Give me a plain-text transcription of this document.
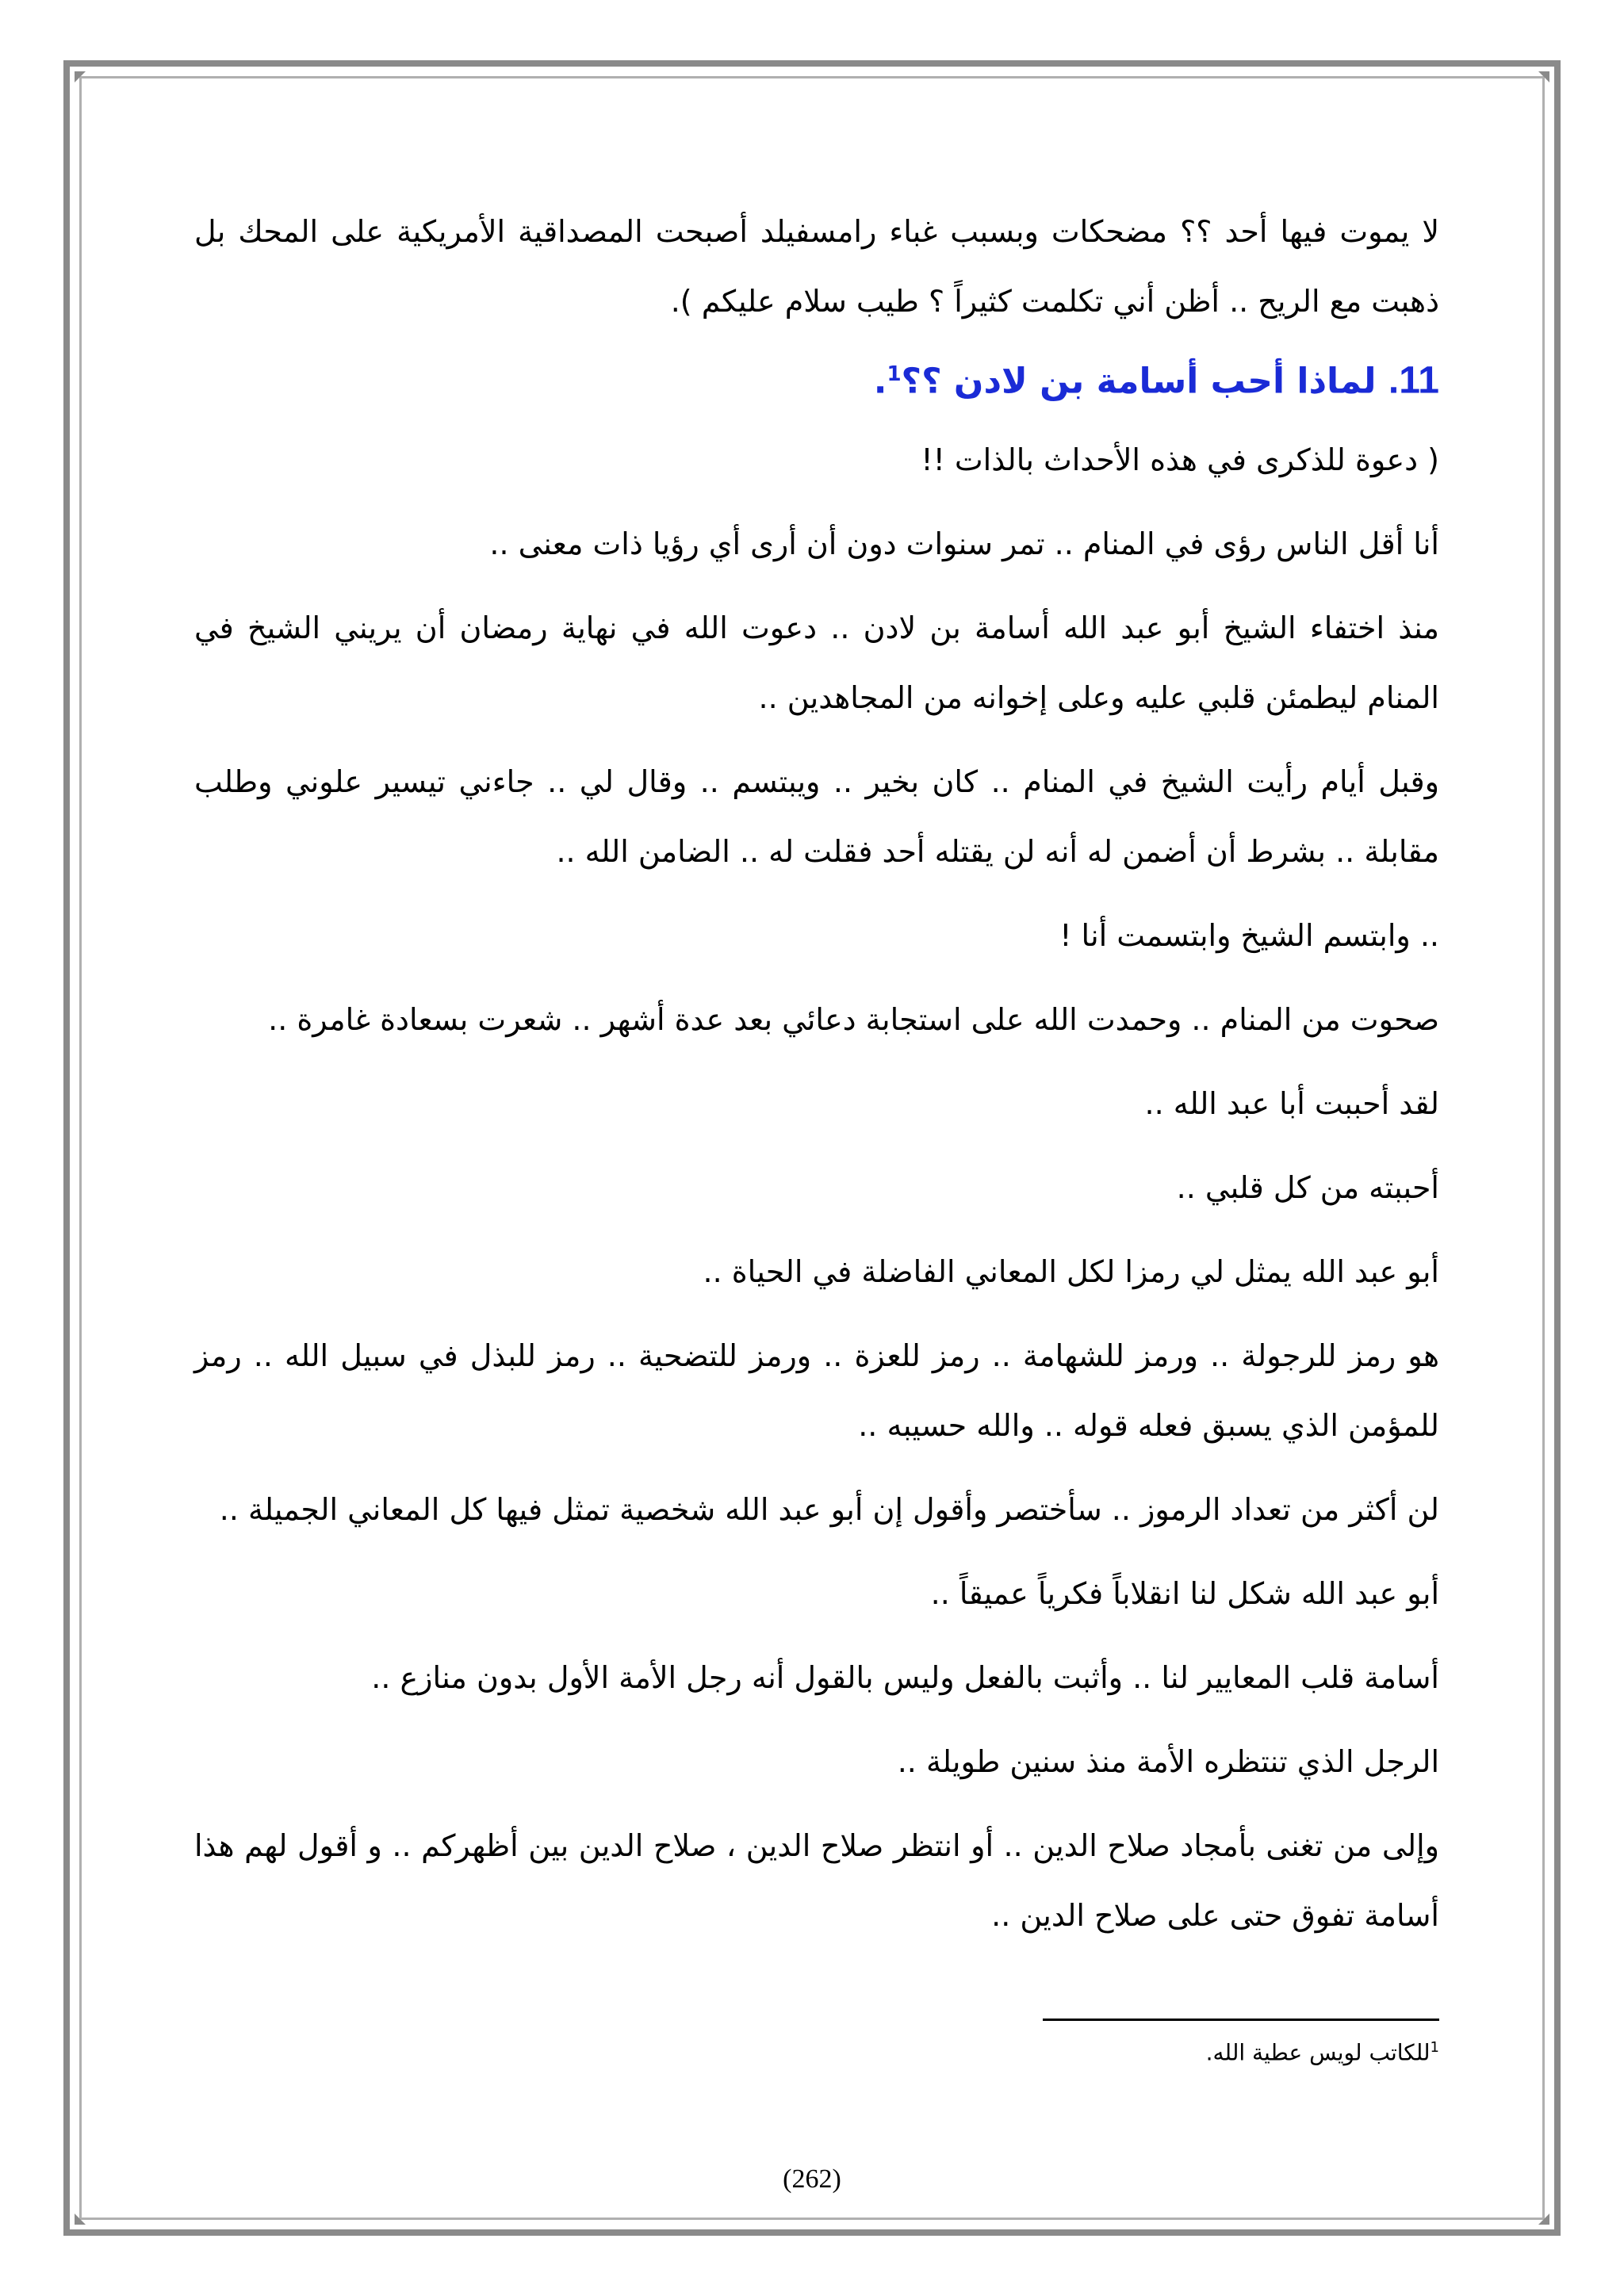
لا يموت فيها أحد ؟؟ مضحكات وبسبب غباء رامسفيلد أصبحت المصداقية الأمريكية على المحك بل ذهبت مع الريح .. أظن أني تكلمت كثيراً ؟ طيب سلام عليكم ).

11. لماذا أحب أسامة بن لادن ؟؟$^1$.

( دعوة للذكرى في هذه الأحداث بالذات !!

أنا أقل الناس رؤى في المنام .. تمر سنوات دون أن أرى أي رؤيا ذات معنى ..

منذ اختفاء الشيخ أبو عبد الله أسامة بن لادن .. دعوت الله في نهاية رمضان أن يريني الشيخ في المنام ليطمئن قلبي عليه وعلى إخوانه من المجاهدين ..

وقبل أيام رأيت الشيخ في المنام .. كان بخير .. ويبتسم .. وقال لي .. جاءني تيسير علوني وطلب مقابلة .. بشرط أن أضمن له أنه لن يقتله أحد فقلت له .. الضامن الله ..

.. وابتسم الشيخ وابتسمت أنا !

صحوت من المنام .. وحمدت الله على استجابة دعائي بعد عدة أشهر .. شعرت بسعادة غامرة ..

لقد أحببت أبا عبد الله ..

أحببته من كل قلبي ..

أبو عبد الله يمثل لي رمزا لكل المعاني الفاضلة في الحياة ..

هو رمز للرجولة .. ورمز للشهامة .. رمز للعزة .. ورمز للتضحية .. رمز للبذل في سبيل الله .. رمز للمؤمن الذي يسبق فعله قوله .. والله حسيبه ..

لن أكثر من تعداد الرموز .. سأختصر وأقول إن أبو عبد الله شخصية تمثل فيها كل المعاني الجميلة ..

أبو عبد الله شكل لنا انقلاباً فكرياً عميقاً ..

أسامة قلب المعايير لنا .. وأثبت بالفعل وليس بالقول أنه رجل الأمة الأول بدون منازع ..

الرجل الذي تنتظره الأمة منذ سنين طويلة ..

وإلى من تغنى بأمجاد صلاح الدين .. أو انتظر صلاح الدين ، صلاح الدين بين أظهركم .. و أقول لهم هذا أسامة تفوق حتى على صلاح الدين ..

$^1$للكاتب لويس عطية الله.
(262)
